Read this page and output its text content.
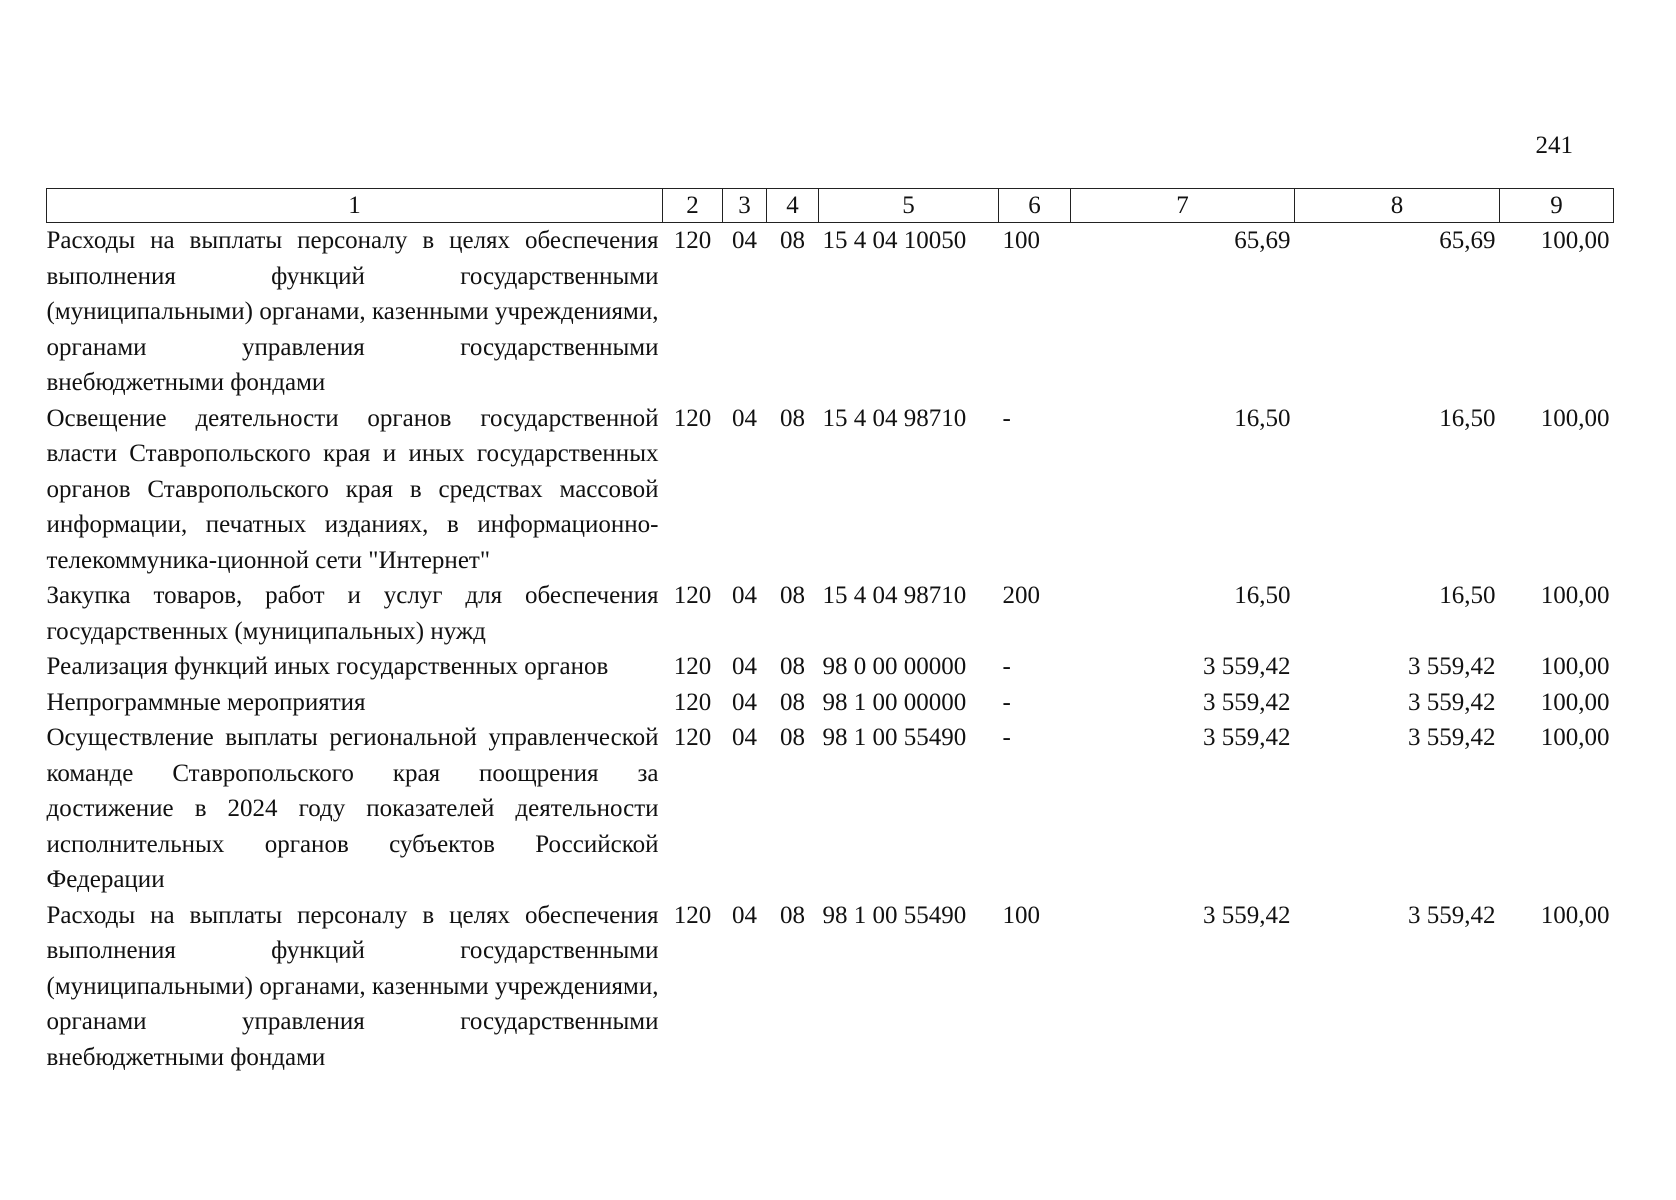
241
1	2	3	4	5	6	7	8	9
Расходы на выплаты персоналу в целях обеспечения выполнения функций государственными (муниципальными) органами, казенными учреждениями, органами управления государственными внебюджетными фондами	120	04	08	15 4 04 10050	100	65,69	65,69	100,00
Освещение деятельности органов государственной власти Ставропольского края и иных государственных органов Ставропольского края в средствах массовой информации, печатных изданиях, в информационно-телекоммуника-ционной сети "Интернет"	120	04	08	15 4 04 98710	-	16,50	16,50	100,00
Закупка товаров, работ и услуг для обеспечения государственных (муниципальных) нужд	120	04	08	15 4 04 98710	200	16,50	16,50	100,00
Реализация функций иных государственных органов	120	04	08	98 0 00 00000	-	3 559,42	3 559,42	100,00
Непрограммные мероприятия	120	04	08	98 1 00 00000	-	3 559,42	3 559,42	100,00
Осуществление выплаты региональной управленческой команде Ставропольского края поощрения за достижение в 2024 году показателей деятельности исполнительных органов субъектов Российской Федерации	120	04	08	98 1 00 55490	-	3 559,42	3 559,42	100,00
Расходы на выплаты персоналу в целях обеспечения выполнения функций государственными (муниципальными) органами, казенными учреждениями, органами управления государственными внебюджетными фондами	120	04	08	98 1 00 55490	100	3 559,42	3 559,42	100,00
